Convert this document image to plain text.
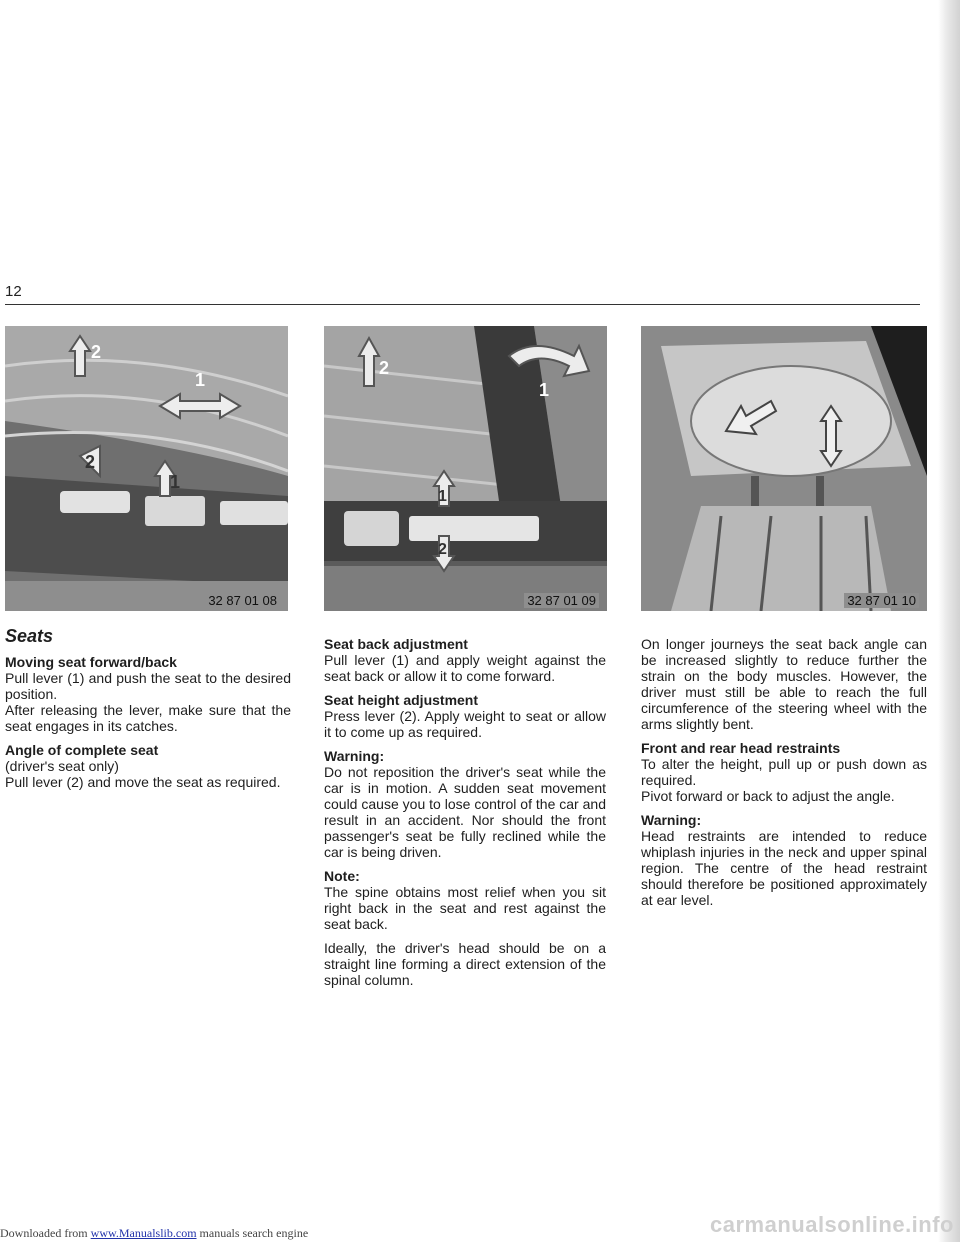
12
2
1
2
1
32 87 01 08
2
1
1
2
32 87 01 09	32 87 01 10
Seats
Moving seat forward/back

Pull lever (1) and push the seat to the desired position.

After releasing the lever, make sure that the seat engages in its catches.

Angle of complete seat

(driver's seat only)

Pull lever (2) and move the seat as required.

Seat back adjustment

Pull lever (1) and apply weight against the seat back or allow it to come forward.

Seat height adjustment

Press lever (2). Apply weight to seat or allow it to come up as required.

Warning:

Do not reposition the driver's seat while the car is in motion. A sudden seat movement could cause you to lose control of the car and result in an accident. Nor should the front passenger's seat be fully reclined while the car is being driven.

Note:

The spine obtains most relief when you sit right back in the seat and rest against the seat back.

Ideally, the driver's head should be on a straight line forming a direct extension of the spinal column.

On longer journeys the seat back angle can be increased slightly to reduce further the strain on the body muscles. However, the driver must still be able to reach the full circumference of the steering wheel with the arms slightly bent.

Front and rear head restraints

To alter the height, pull up or push down as required.

Pivot forward or back to adjust the angle.

Warning:

Head restraints are intended to reduce whiplash injuries in the neck and upper spinal region. The centre of the head restraint should therefore be positioned approximately at ear level.

Downloaded from www.Manualslib.com manuals search engine	carmanualsonline.info
